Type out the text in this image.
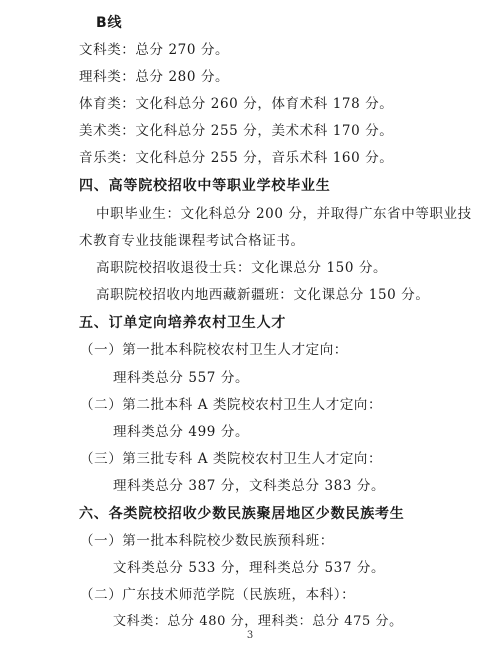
B线
文科类：总分 270 分。
理科类：总分 280 分。
体育类：文化科总分 260 分，体育术科 178 分。
美术类：文化科总分 255 分，美术术科 170 分。
音乐类：文化科总分 255 分，音乐术科 160 分。
四、高等院校招收中等职业学校毕业生
中职毕业生：文化科总分 200 分，并取得广东省中等职业技
术教育专业技能课程考试合格证书。
高职院校招收退役士兵：文化课总分 150 分。
高职院校招收内地西藏新疆班：文化课总分 150 分。
五、订单定向培养农村卫生人才
（一）第一批本科院校农村卫生人才定向：
理科类总分 557 分。
（二）第二批本科 A 类院校农村卫生人才定向：
理科类总分 499 分。
（三）第三批专科 A 类院校农村卫生人才定向：
理科类总分 387 分，文科类总分 383 分。
六、各类院校招收少数民族聚居地区少数民族考生
（一）第一批本科院校少数民族预科班：
文科类总分 533 分，理科类总分 537 分。
（二）广东技术师范学院（民族班，本科）：
文科类：总分 480 分，理科类：总分 475 分。
3
